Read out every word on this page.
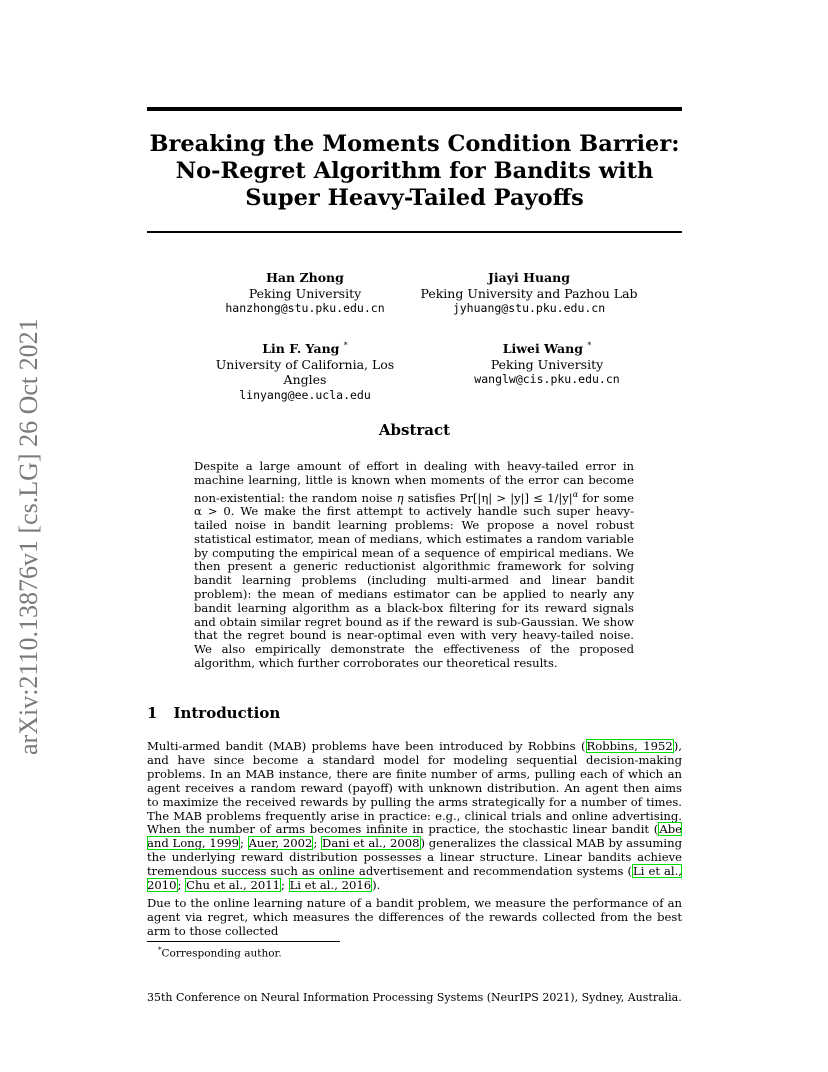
arXiv:2110.13876v1 [cs.LG] 26 Oct 2021
Breaking the Moments Condition Barrier: No-Regret Algorithm for Bandits with Super Heavy-Tailed Payoffs
Han Zhong
Peking University
hanzhong@stu.pku.edu.cn
Jiayi Huang
Peking University and Pazhou Lab
jyhuang@stu.pku.edu.cn
Lin F. Yang *
University of California, Los Angles
linyang@ee.ucla.edu
Liwei Wang *
Peking University
wanglw@cis.pku.edu.cn
Abstract
Despite a large amount of effort in dealing with heavy-tailed error in machine learning, little is known when moments of the error can become non-existential: the random noise η satisfies $Pr[|\eta| > |y|] \le 1/|y|^\alpha$ for some α > 0. We make the first attempt to actively handle such super heavy-tailed noise in bandit learning problems: We propose a novel robust statistical estimator, mean of medians, which estimates a random variable by computing the empirical mean of a sequence of empirical medians. We then present a generic reductionist algorithmic framework for solving bandit learning problems (including multi-armed and linear bandit problem): the mean of medians estimator can be applied to nearly any bandit learning algorithm as a black-box filtering for its reward signals and obtain similar regret bound as if the reward is sub-Gaussian. We show that the regret bound is near-optimal even with very heavy-tailed noise. We also empirically demonstrate the effectiveness of the proposed algorithm, which further corroborates our theoretical results.
1 Introduction
Multi-armed bandit (MAB) problems have been introduced by Robbins (Robbins, 1952), and have since become a standard model for modeling sequential decision-making problems. In an MAB instance, there are finite number of arms, pulling each of which an agent receives a random reward (payoff) with unknown distribution. An agent then aims to maximize the received rewards by pulling the arms strategically for a number of times. The MAB problems frequently arise in practice: e.g., clinical trials and online advertising. When the number of arms becomes infinite in practice, the stochastic linear bandit (Abe and Long, 1999; Auer, 2002; Dani et al., 2008) generalizes the classical MAB by assuming the underlying reward distribution possesses a linear structure. Linear bandits achieve tremendous success such as online advertisement and recommendation systems (Li et al., 2010; Chu et al., 2011; Li et al., 2016).
Due to the online learning nature of a bandit problem, we measure the performance of an agent via regret, which measures the differences of the rewards collected from the best arm to those collected
*Corresponding author.
35th Conference on Neural Information Processing Systems (NeurIPS 2021), Sydney, Australia.
